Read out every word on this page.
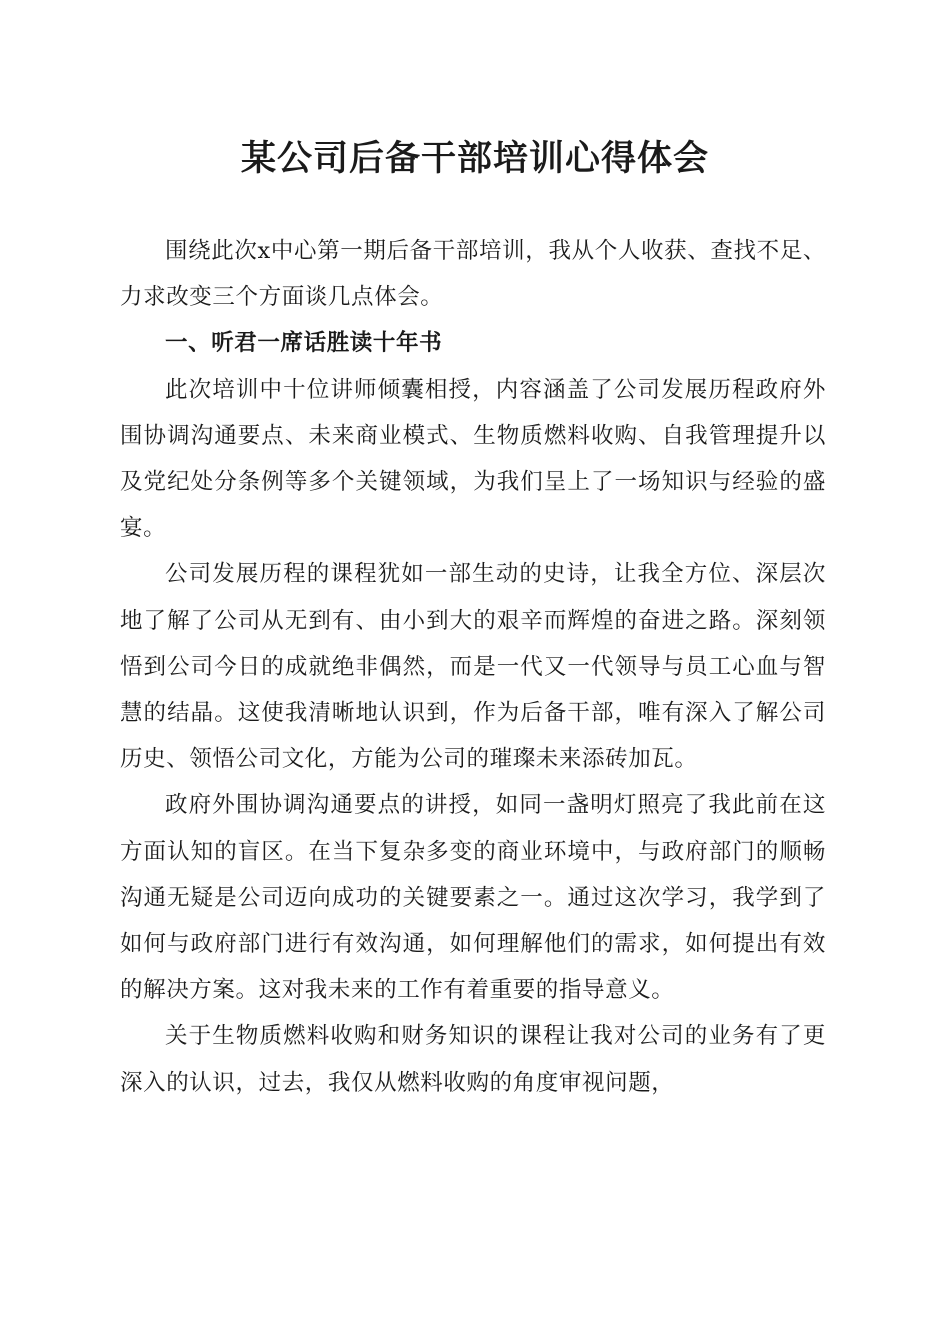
某公司后备干部培训心得体会

围绕此次x中心第一期后备干部培训，我从个人收获、查找不足、力求改变三个方面谈几点体会。

一、听君一席话胜读十年书

此次培训中十位讲师倾囊相授，内容涵盖了公司发展历程政府外围协调沟通要点、未来商业模式、生物质燃料收购、自我管理提升以及党纪处分条例等多个关键领域，为我们呈上了一场知识与经验的盛宴。

公司发展历程的课程犹如一部生动的史诗，让我全方位、深层次地了解了公司从无到有、由小到大的艰辛而辉煌的奋进之路。深刻领悟到公司今日的成就绝非偶然，而是一代又一代领导与员工心血与智慧的结晶。这使我清晰地认识到，作为后备干部，唯有深入了解公司历史、领悟公司文化，方能为公司的璀璨未来添砖加瓦。

政府外围协调沟通要点的讲授，如同一盏明灯照亮了我此前在这方面认知的盲区。在当下复杂多变的商业环境中，与政府部门的顺畅沟通无疑是公司迈向成功的关键要素之一。通过这次学习，我学到了如何与政府部门进行有效沟通，如何理解他们的需求，如何提出有效的解决方案。这对我未来的工作有着重要的指导意义。

关于生物质燃料收购和财务知识的课程让我对公司的业务有了更深入的认识，过去，我仅从燃料收购的角度审视问题，
